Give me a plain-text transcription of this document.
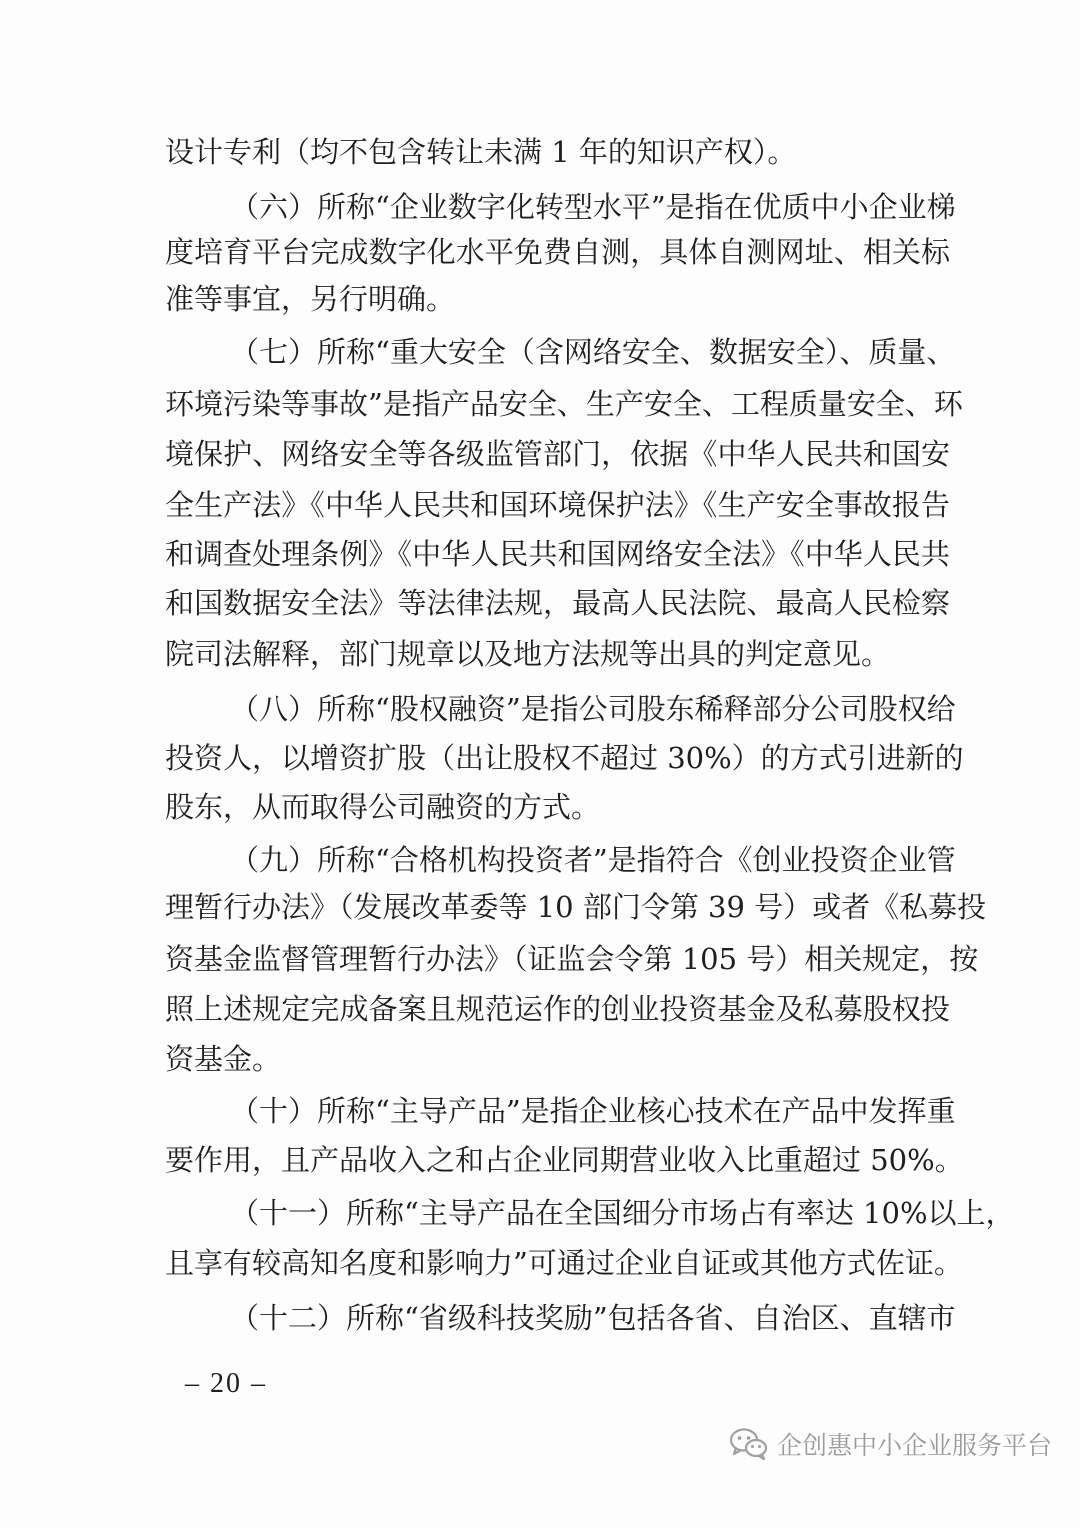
设计专利（均不包含转让未满 1 年的知识产权）。
（六）所称“企业数字化转型水平”是指在优质中小企业梯
度培育平台完成数字化水平免费自测，具体自测网址、相关标
准等事宜，另行明确。
（七）所称“重大安全（含网络安全、数据安全）、质量、
环境污染等事故”是指产品安全、生产安全、工程质量安全、环
境保护、网络安全等各级监管部门，依据《中华人民共和国安
全生产法》《中华人民共和国环境保护法》《生产安全事故报告
和调查处理条例》《中华人民共和国网络安全法》《中华人民共
和国数据安全法》等法律法规，最高人民法院、最高人民检察
院司法解释，部门规章以及地方法规等出具的判定意见。
（八）所称“股权融资”是指公司股东稀释部分公司股权给
投资人，以增资扩股（出让股权不超过 30%）的方式引进新的
股东，从而取得公司融资的方式。
（九）所称“合格机构投资者”是指符合《创业投资企业管
理暂行办法》（发展改革委等 10 部门令第 39 号）或者《私募投
资基金监督管理暂行办法》（证监会令第 105 号）相关规定，按
照上述规定完成备案且规范运作的创业投资基金及私募股权投
资基金。
（十）所称“主导产品”是指企业核心技术在产品中发挥重
要作用，且产品收入之和占企业同期营业收入比重超过 50%。
（十一）所称“主导产品在全国细分市场占有率达 10%以上，
且享有较高知名度和影响力”可通过企业自证或其他方式佐证。
（十二）所称“省级科技奖励”包括各省、自治区、直辖市
– 20 –
企创惠中小企业服务平台
